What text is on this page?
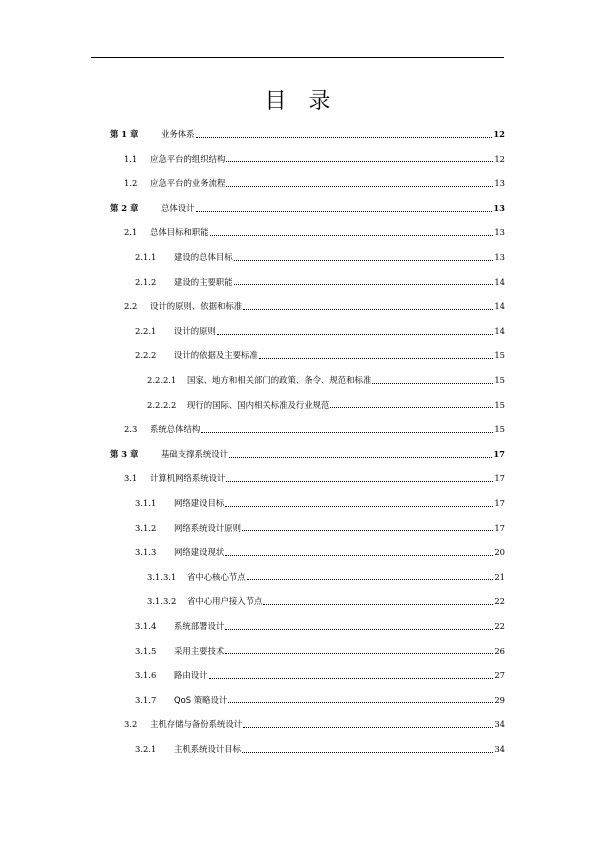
目　录
第 1 章	业务体系	12
1.1	应急平台的组织结构	12
1.2	应急平台的业务流程	13
第 2 章	总体设计	13
2.1	总体目标和职能	13
2.1.1	建设的总体目标	13
2.1.2	建设的主要职能	14
2.2	设计的原则、依据和标准	14
2.2.1	设计的原则	14
2.2.2	设计的依据及主要标准	15
2.2.2.1	国家、地方和相关部门的政策、条令、规范和标准	15
2.2.2.2	现行的国际、国内相关标准及行业规范	15
2.3	系统总体结构	15
第 3 章	基础支撑系统设计	17
3.1	计算机网络系统设计	17
3.1.1	网络建设目标	17
3.1.2	网络系统设计原则	17
3.1.3	网络建设现状	20
3.1.3.1	省中心核心节点	21
3.1.3.2	省中心用户接入节点	22
3.1.4	系统部署设计	22
3.1.5	采用主要技术	26
3.1.6	路由设计	27
3.1.7	QoS 策略设计	29
3.2	主机存储与备份系统设计	34
3.2.1	主机系统设计目标	34
